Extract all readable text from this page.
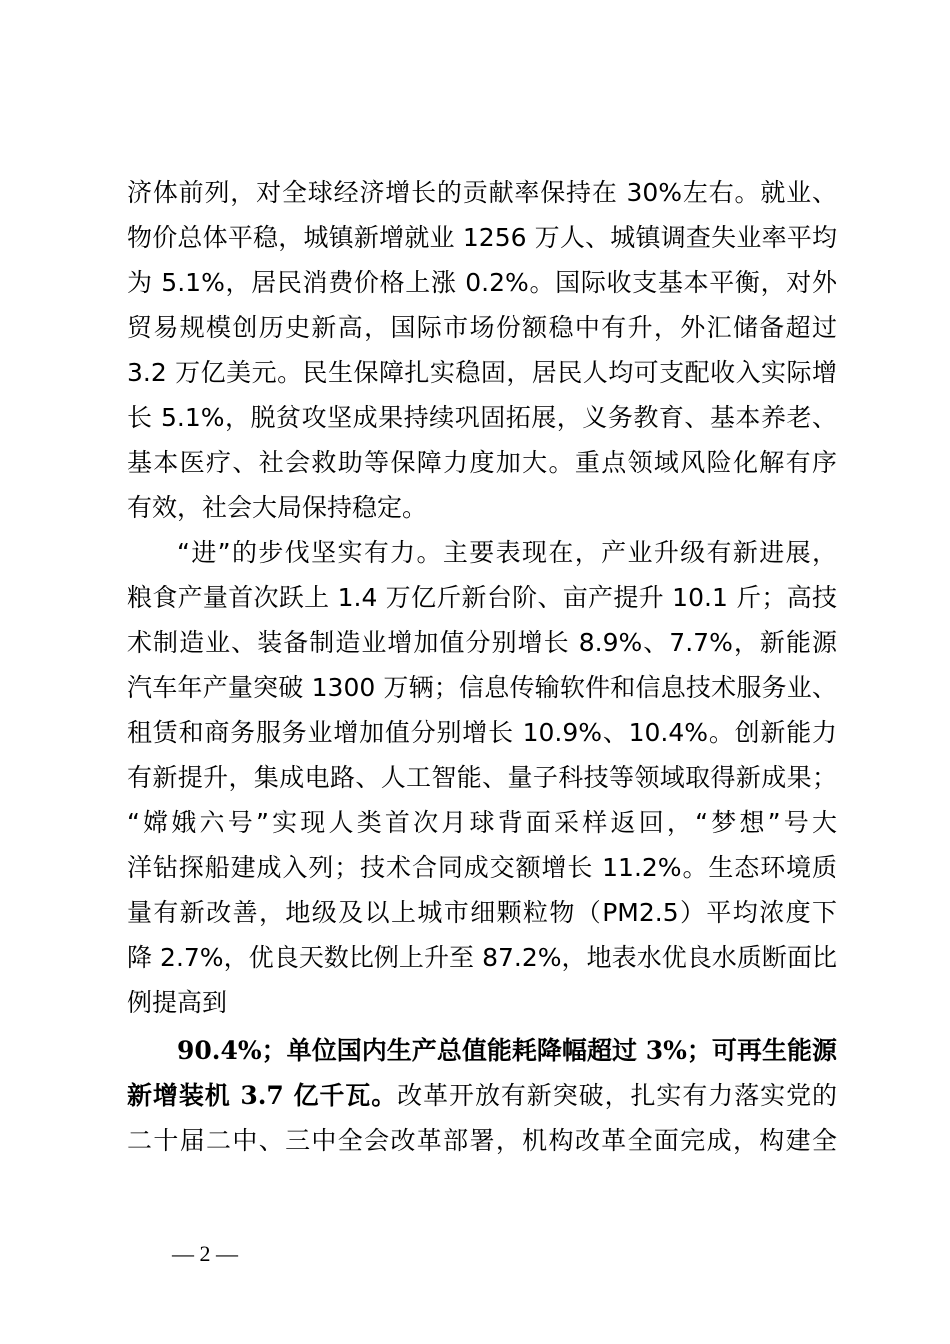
济体前列，对全球经济增长的贡献率保持在 30%左右。就业、
物价总体平稳，城镇新增就业 1256 万人、城镇调查失业率平均
为 5.1%，居民消费价格上涨 0.2%。国际收支基本平衡，对外
贸易规模创历史新高，国际市场份额稳中有升，外汇储备超过
3.2 万亿美元。民生保障扎实稳固，居民人均可支配收入实际增
长 5.1%，脱贫攻坚成果持续巩固拓展，义务教育、基本养老、
基本医疗、社会救助等保障力度加大。重点领域风险化解有序
有效，社会大局保持稳定。
“进”的步伐坚实有力。主要表现在，产业升级有新进展，
粮食产量首次跃上 1.4 万亿斤新台阶、亩产提升 10.1 斤；高技
术制造业、装备制造业增加值分别增长 8.9%、7.7%，新能源
汽车年产量突破 1300 万辆；信息传输软件和信息技术服务业、
租赁和商务服务业增加值分别增长 10.9%、10.4%。创新能力
有新提升，集成电路、人工智能、量子科技等领域取得新成果；
“嫦娥六号”实现人类首次月球背面采样返回，“梦想”号大
洋钻探船建成入列；技术合同成交额增长 11.2%。生态环境质
量有新改善，地级及以上城市细颗粒物（PM2.5）平均浓度下
降 2.7%，优良天数比例上升至 87.2%，地表水优良水质断面比
例提高到
90.4%；单位国内生产总值能耗降幅超过 3%；可再生能源
新增装机 3.7 亿千瓦。改革开放有新突破，扎实有力落实党的
二十届二中、三中全会改革部署，机构改革全面完成，构建全
— 2 —
